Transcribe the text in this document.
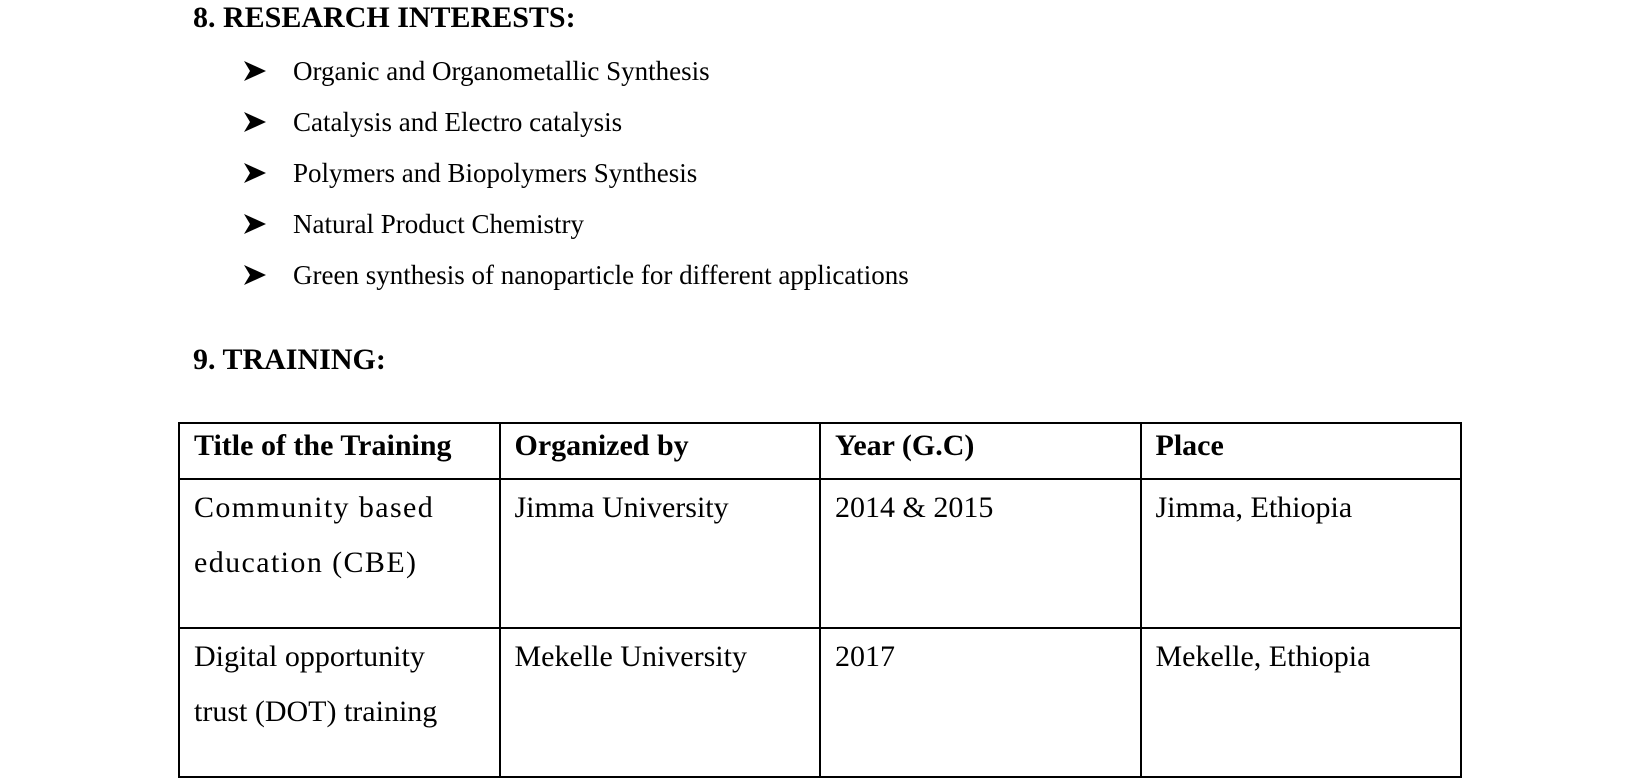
8. RESEARCH INTERESTS:
Organic and Organometallic Synthesis
Catalysis and Electro catalysis
Polymers and Biopolymers Synthesis
Natural Product Chemistry
Green synthesis of nanoparticle for different applications
9. TRAINING:
Title of the Training	Organized by	Year (G.C)	Place

Community based
education (CBE)	Jimma University	2014 & 2015	Jimma, Ethiopia

Digital opportunity
trust (DOT) training	Mekelle University	2017	Mekelle, Ethiopia
